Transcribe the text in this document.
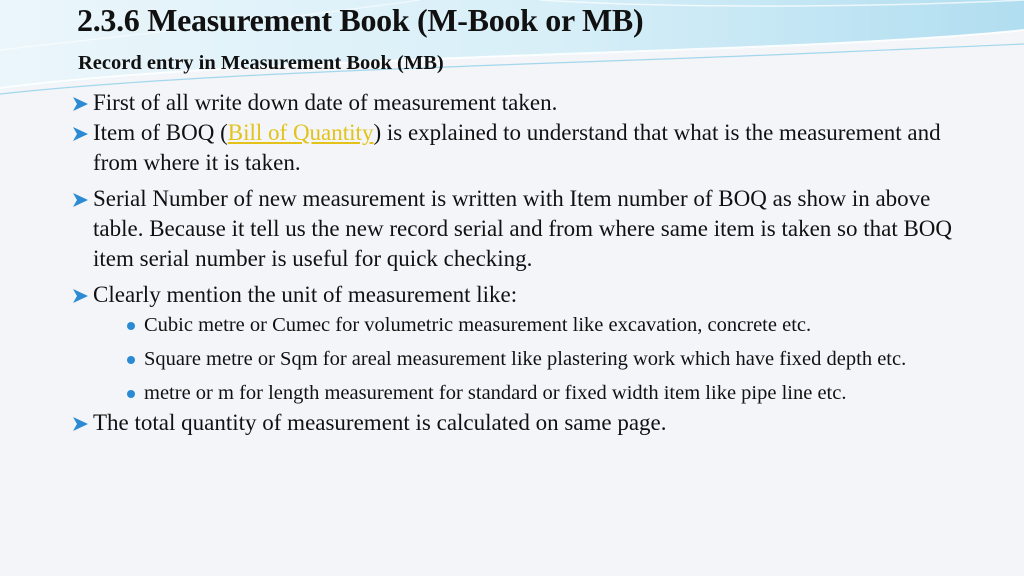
2.3.6 Measurement Book (M-Book or MB)
Record entry in Measurement Book (MB)
First of all write down date of measurement taken.
Item of BOQ (Bill of Quantity) is explained to understand that what is the measurement and from where it is taken.
Serial Number of new measurement is written with Item number of BOQ as show in above table. Because it tell us the new record serial and from where same item is taken so that BOQ item serial number is useful for quick checking.
Clearly mention the unit of measurement like:
Cubic metre or Cumec for volumetric measurement like excavation, concrete etc.
Square metre or Sqm for areal measurement like plastering work which have fixed depth etc.
metre or m for length measurement for standard or fixed width item like pipe line etc.
The total quantity of measurement is calculated on same page.
